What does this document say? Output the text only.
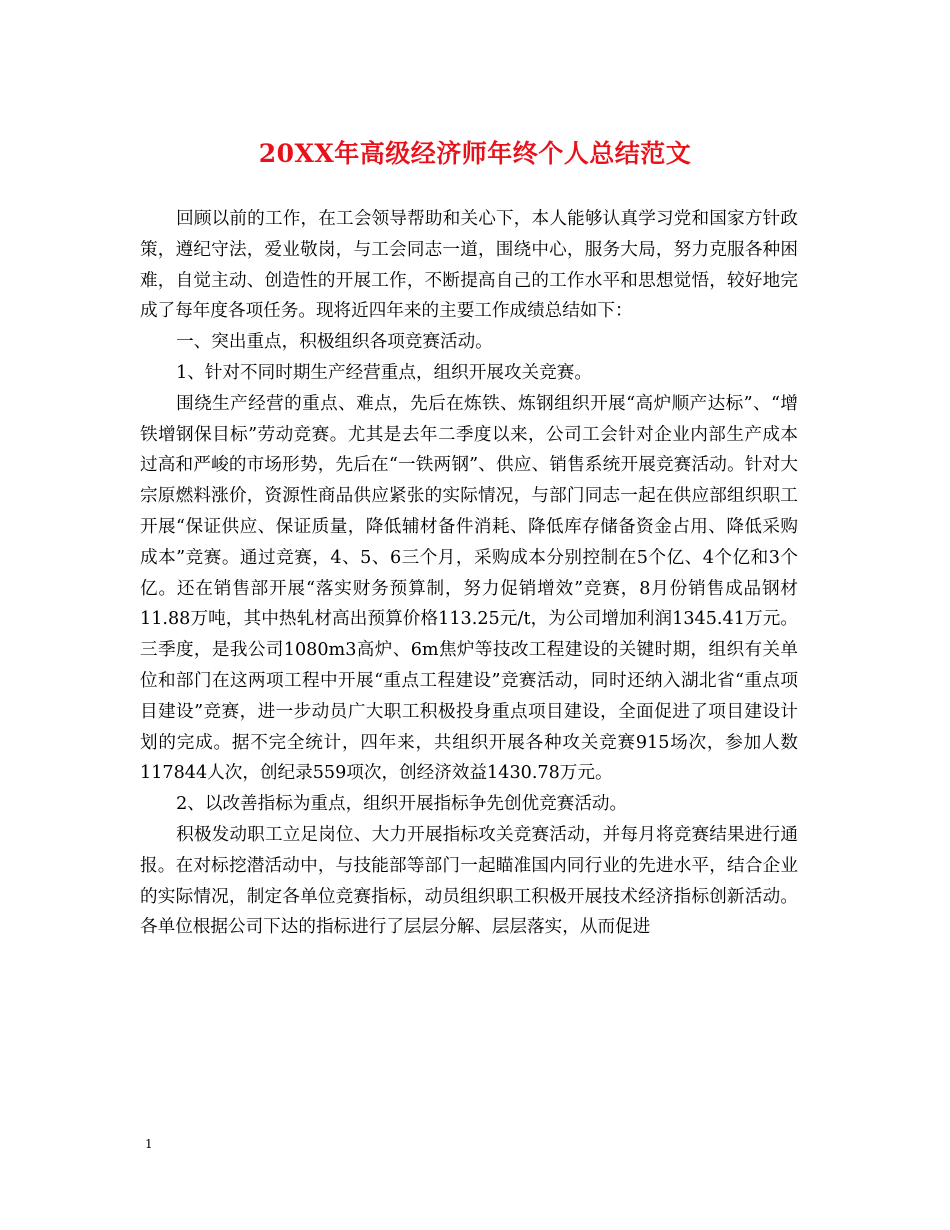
20XX年高级经济师年终个人总结范文

回顾以前的工作，在工会领导帮助和关心下，本人能够认真学习党和国家方针政策，遵纪守法，爱业敬岗，与工会同志一道，围绕中心，服务大局，努力克服各种困难，自觉主动、创造性的开展工作，不断提高自己的工作水平和思想觉悟，较好地完成了每年度各项任务。现将近四年来的主要工作成绩总结如下：

一、突出重点，积极组织各项竞赛活动。

1、针对不同时期生产经营重点，组织开展攻关竞赛。

围绕生产经营的重点、难点，先后在炼铁、炼钢组织开展“高炉顺产达标”、“增铁增钢保目标”劳动竞赛。尤其是去年二季度以来，公司工会针对企业内部生产成本过高和严峻的市场形势，先后在“一铁两钢”、供应、销售系统开展竞赛活动。针对大宗原燃料涨价，资源性商品供应紧张的实际情况，与部门同志一起在供应部组织职工开展“保证供应、保证质量，降低辅材备件消耗、降低库存储备资金占用、降低采购成本”竞赛。通过竞赛，4、5、6三个月，采购成本分别控制在5个亿、4个亿和3个亿。还在销售部开展“落实财务预算制，努力促销增效”竞赛，8月份销售成品钢材11.88万吨，其中热轧材高出预算价格113.25元/t，为公司增加利润1345.41万元。三季度，是我公司1080m3高炉、6m焦炉等技改工程建设的关键时期，组织有关单位和部门在这两项工程中开展“重点工程建设”竞赛活动，同时还纳入湖北省“重点项目建设”竞赛，进一步动员广大职工积极投身重点项目建设，全面促进了项目建设计划的完成。据不完全统计，四年来，共组织开展各种攻关竞赛915场次，参加人数117844人次，创纪录559项次，创经济效益1430.78万元。

2、以改善指标为重点，组织开展指标争先创优竞赛活动。

积极发动职工立足岗位、大力开展指标攻关竞赛活动，并每月将竞赛结果进行通报。在对标挖潜活动中，与技能部等部门一起瞄准国内同行业的先进水平，结合企业的实际情况，制定各单位竞赛指标，动员组织职工积极开展技术经济指标创新活动。各单位根据公司下达的指标进行了层层分解、层层落实，从而促进

1
